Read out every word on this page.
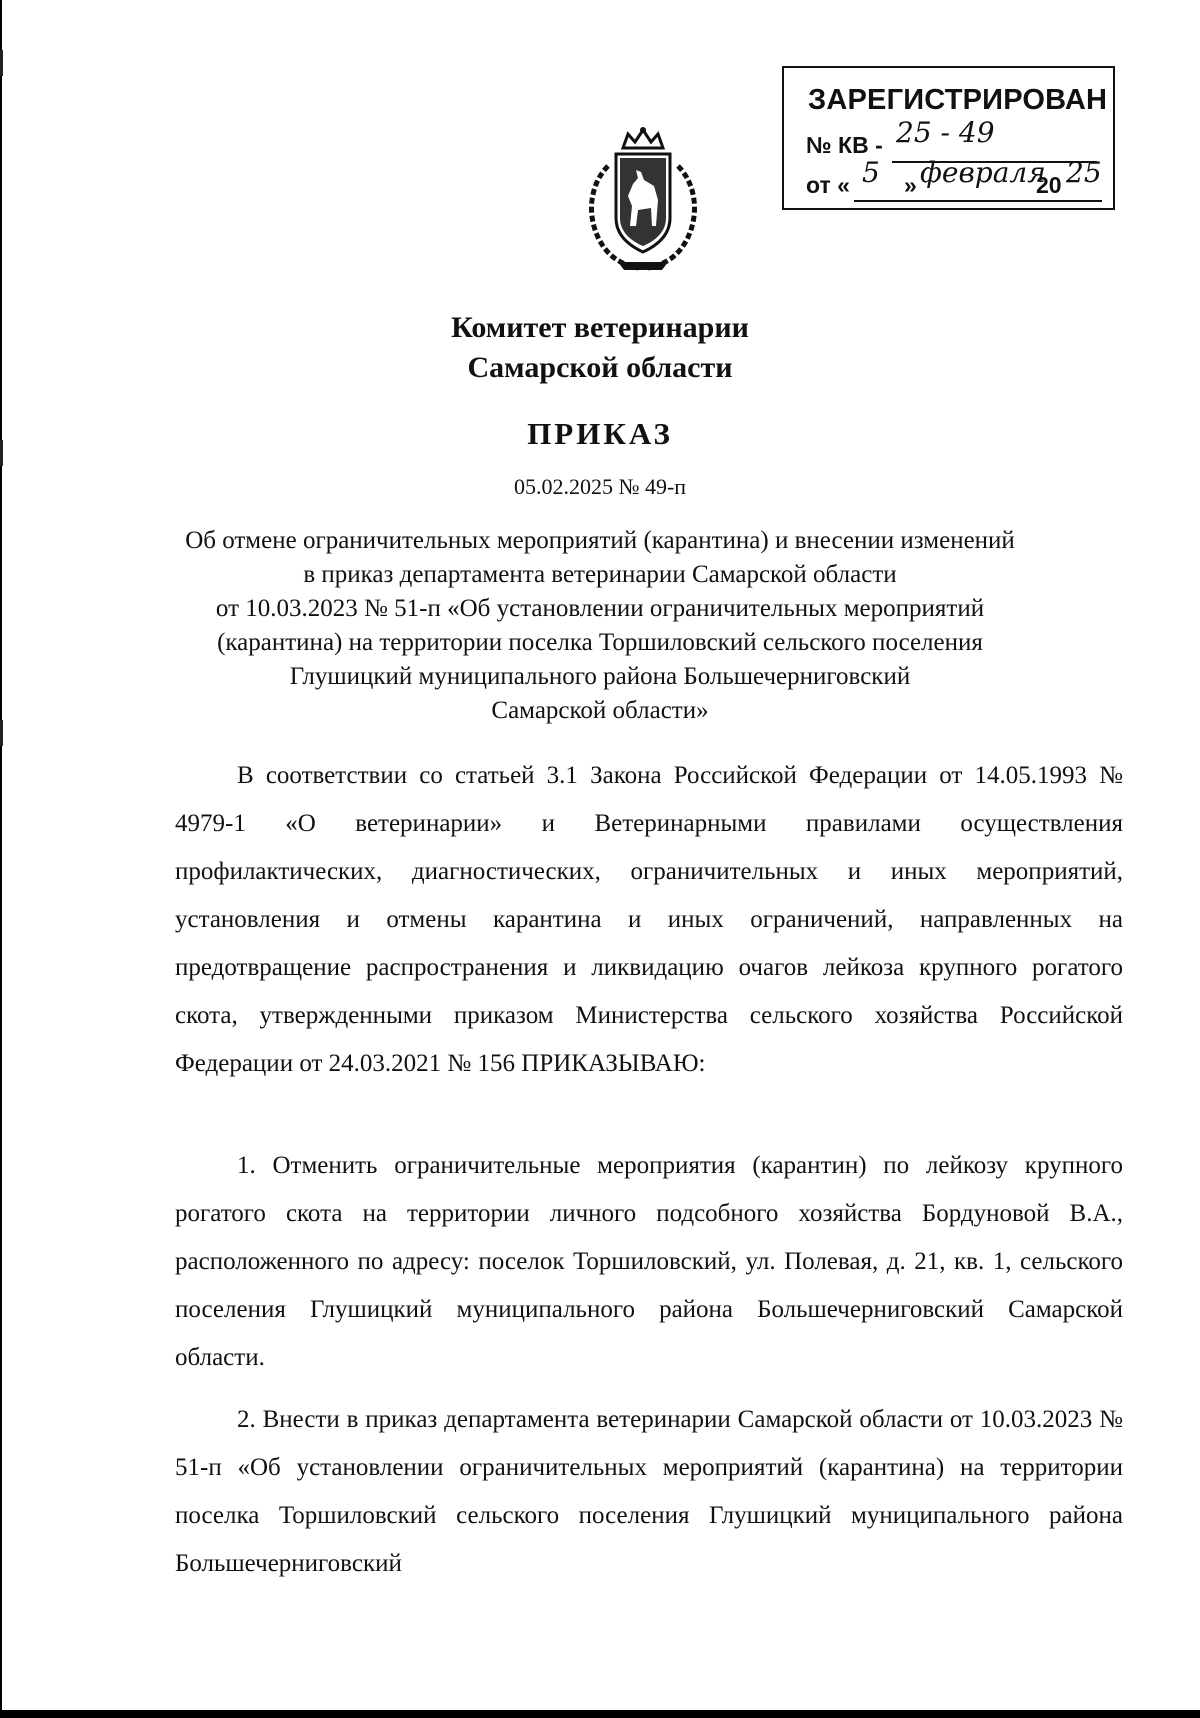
ЗАРЕГИСТРИРОВАН
№ КВ - 25 - 49
от « 5 » февраля
20 25
Комитет ветеринарии
Самарской области
ПРИКАЗ
05.02.2025 № 49-п
Об отмене ограничительных мероприятий (карантина) и внесении изменений
в приказ департамента ветеринарии Самарской области
от 10.03.2023 № 51-п «Об установлении ограничительных мероприятий
(карантина) на территории поселка Торшиловский сельского поселения
Глушицкий муниципального района Большечерниговский
Самарской области»

В соответствии со статьей 3.1 Закона Российской Федерации от 14.05.1993 № 4979-1 «О ветеринарии» и Ветеринарными правилами осуществления профилактических, диагностических, ограничительных и иных мероприятий, установления и отмены карантина и иных ограничений, направленных на предотвращение распространения и ликвидацию очагов лейкоза крупного рогатого скота, утвержденными приказом Министерства сельского хозяйства Российской Федерации от 24.03.2021 № 156 ПРИКАЗЫВАЮ:

1. Отменить ограничительные мероприятия (карантин) по лейкозу крупного рогатого скота на территории личного подсобного хозяйства Бордуновой В.А., расположенного по адресу: поселок Торшиловский, ул. Полевая, д. 21, кв. 1, сельского поселения Глушицкий муниципального района Большечерниговский Самарской области.

2. Внести в приказ департамента ветеринарии Самарской области от 10.03.2023 № 51-п «Об установлении ограничительных мероприятий (карантина) на территории поселка Торшиловский сельского поселения Глушицкий муниципального района Большечерниговский
